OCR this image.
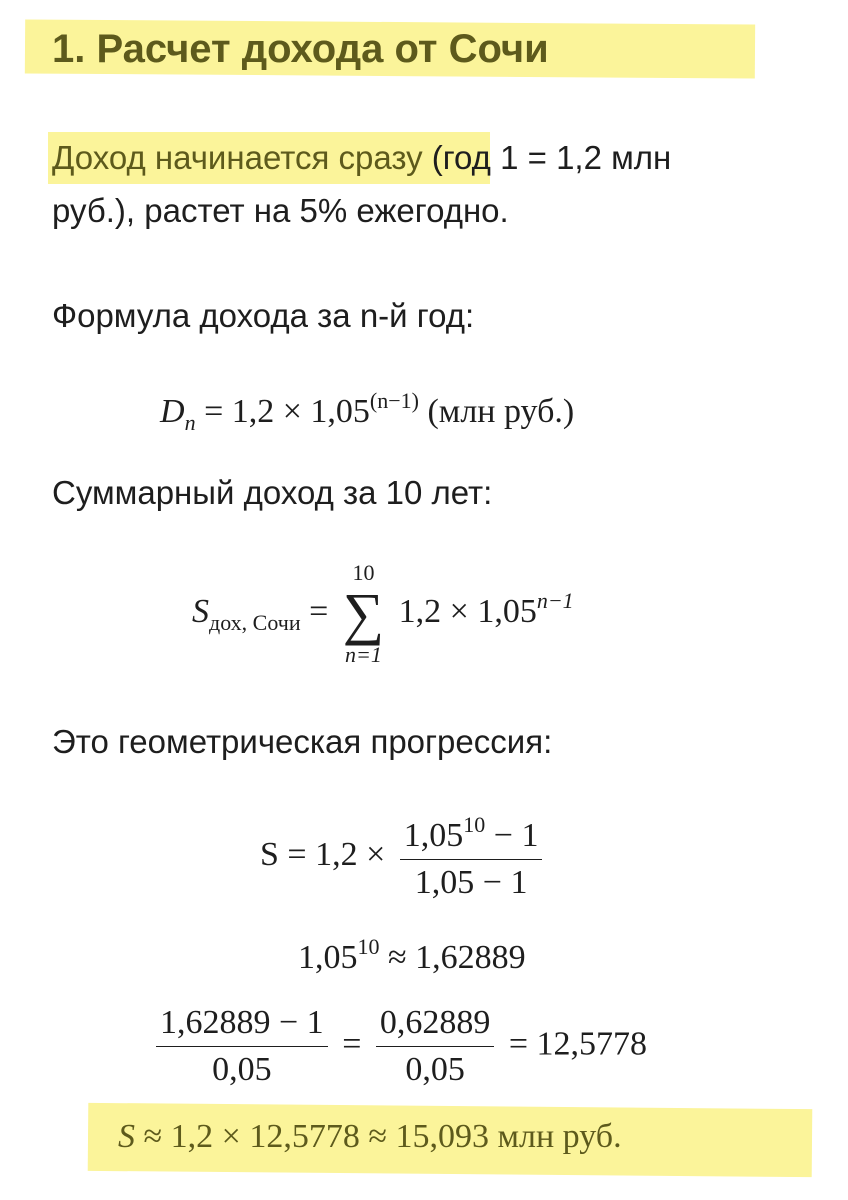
1. Расчет дохода от Сочи
Доход начинается сразу (год 1 = 1,2 млн
руб.), растет на 5% ежегодно.
Формула дохода за n-й год:
$D_n = 1,2 \times 1,05^{(n-1)}$ (млн руб.)
Суммарный доход за 10 лет:
$S_{дох, Сочи}$ =
10
∑
n=1
$1,2 \times 1,05^{n-1}$
Это геометрическая прогрессия:
$S = 1,2 \times \frac{1,05^{10} - 1}{1,05 - 1}$
$1,05^{10} \approx 1,62889$
$\frac{1,62889 - 1}{0,05} = \frac{0,62889}{0,05} = 12,5778$
S ≈ 1,2 × 12,5778 ≈ 15,093 млн руб.
